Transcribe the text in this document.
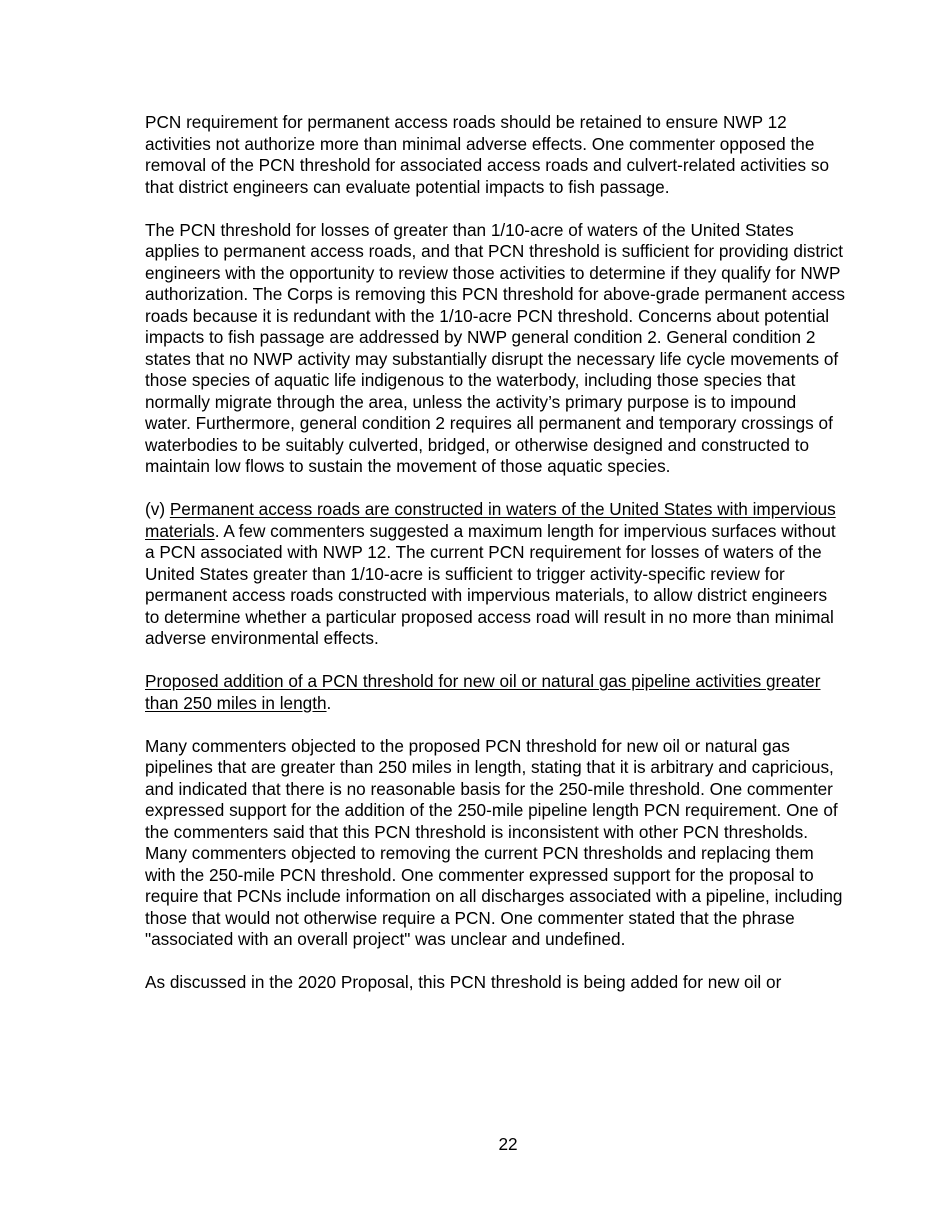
PCN requirement for permanent access roads should be retained to ensure NWP 12 activities not authorize more than minimal adverse effects. One commenter opposed the removal of the PCN threshold for associated access roads and culvert-related activities so that district engineers can evaluate potential impacts to fish passage.

The PCN threshold for losses of greater than 1/10-acre of waters of the United States applies to permanent access roads, and that PCN threshold is sufficient for providing district engineers with the opportunity to review those activities to determine if they qualify for NWP authorization. The Corps is removing this PCN threshold for above-grade permanent access roads because it is redundant with the 1/10-acre PCN threshold. Concerns about potential impacts to fish passage are addressed by NWP general condition 2. General condition 2 states that no NWP activity may substantially disrupt the necessary life cycle movements of those species of aquatic life indigenous to the waterbody, including those species that normally migrate through the area, unless the activity’s primary purpose is to impound water. Furthermore, general condition 2 requires all permanent and temporary crossings of waterbodies to be suitably culverted, bridged, or otherwise designed and constructed to maintain low flows to sustain the movement of those aquatic species.

(v) Permanent access roads are constructed in waters of the United States with impervious materials. A few commenters suggested a maximum length for impervious surfaces without a PCN associated with NWP 12. The current PCN requirement for losses of waters of the United States greater than 1/10-acre is sufficient to trigger activity-specific review for permanent access roads constructed with impervious materials, to allow district engineers to determine whether a particular proposed access road will result in no more than minimal adverse environmental effects.

Proposed addition of a PCN threshold for new oil or natural gas pipeline activities greater than 250 miles in length.

Many commenters objected to the proposed PCN threshold for new oil or natural gas pipelines that are greater than 250 miles in length, stating that it is arbitrary and capricious, and indicated that there is no reasonable basis for the 250-mile threshold. One commenter expressed support for the addition of the 250-mile pipeline length PCN requirement. One of the commenters said that this PCN threshold is inconsistent with other PCN thresholds. Many commenters objected to removing the current PCN thresholds and replacing them with the 250-mile PCN threshold. One commenter expressed support for the proposal to require that PCNs include information on all discharges associated with a pipeline, including those that would not otherwise require a PCN. One commenter stated that the phrase "associated with an overall project" was unclear and undefined.

As discussed in the 2020 Proposal, this PCN threshold is being added for new oil or

22
